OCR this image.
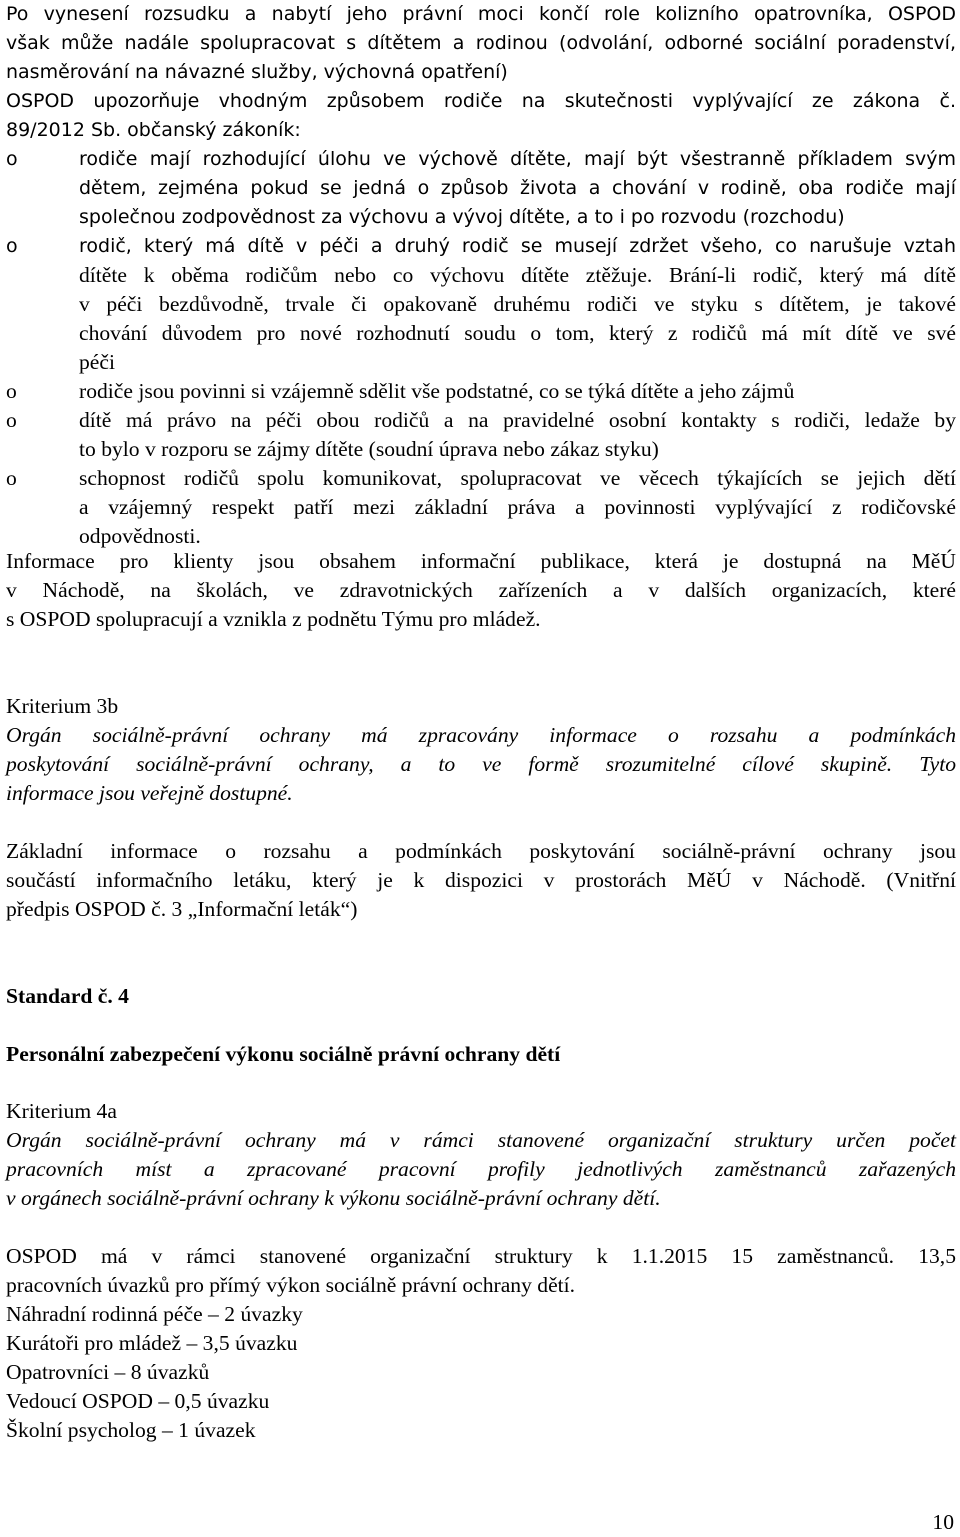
Po vynesení rozsudku a nabytí jeho právní moci končí role kolizního opatrovníka, OSPOD
však může nadále spolupracovat s dítětem a rodinou (odvolání, odborné sociální poradenství,
nasměrování na návazné služby, výchovná opatření)
OSPOD upozorňuje vhodným způsobem rodiče na skutečnosti vyplývající ze zákona č.
89/2012 Sb. občanský zákoník:
o	rodiče mají rozhodující úlohu ve výchově dítěte, mají být všestranně příkladem svým
dětem, zejména pokud se jedná o způsob života a chování v rodině, oba rodiče mají
společnou zodpovědnost za výchovu a vývoj dítěte, a to i po rozvodu (rozchodu)
o	rodič, který má dítě v péči a druhý rodič se musejí zdržet všeho, co narušuje vztah
dítěte k oběma rodičům nebo co výchovu dítěte ztěžuje. Brání-li rodič, který má dítě
v péči bezdůvodně, trvale či opakovaně druhému rodiči ve styku s dítětem, je takové
chování důvodem pro nové rozhodnutí soudu o tom, který z rodičů má mít dítě ve své
péči
o	rodiče jsou povinni si vzájemně sdělit vše podstatné, co se týká dítěte a jeho zájmů
o	dítě má právo na péči obou rodičů a na pravidelné osobní kontakty s rodiči, ledaže by
to bylo v rozporu se zájmy dítěte (soudní úprava nebo zákaz styku)
o	schopnost rodičů spolu komunikovat, spolupracovat ve věcech týkajících se jejich dětí
a vzájemný respekt patří mezi základní práva a povinnosti vyplývající z rodičovské
odpovědnosti.
Informace pro klienty jsou obsahem informační publikace, která je dostupná na MěÚ
v Náchodě, na školách, ve zdravotnických zařízeních a v dalších organizacích, které
s OSPOD spolupracují a vznikla z podnětu Týmu pro mládež.
Kriterium 3b
Orgán sociálně-právní ochrany má zpracovány informace o rozsahu a podmínkách
poskytování sociálně-právní ochrany, a to ve formě srozumitelné cílové skupině. Tyto
informace jsou veřejně dostupné.
Základní informace o rozsahu a podmínkách poskytování sociálně-právní ochrany jsou
součástí informačního letáku, který je k dispozici v prostorách MěÚ v Náchodě. (Vnitřní
předpis OSPOD č. 3 „Informační leták“)
Standard č. 4
Personální zabezpečení výkonu sociálně právní ochrany dětí
Kriterium 4a
Orgán sociálně-právní ochrany má v rámci stanovené organizační struktury určen počet
pracovních míst a zpracované pracovní profily jednotlivých zaměstnanců zařazených
v orgánech sociálně-právní ochrany k výkonu sociálně-právní ochrany dětí.
OSPOD má v rámci stanovené organizační struktury k 1.1.2015 15 zaměstnanců. 13,5
pracovních úvazků pro přímý výkon sociálně právní ochrany dětí.
Náhradní rodinná péče – 2 úvazky
Kurátoři pro mládež – 3,5 úvazku
Opatrovníci – 8 úvazků
Vedoucí OSPOD – 0,5 úvazku
Školní psycholog – 1 úvazek
10
